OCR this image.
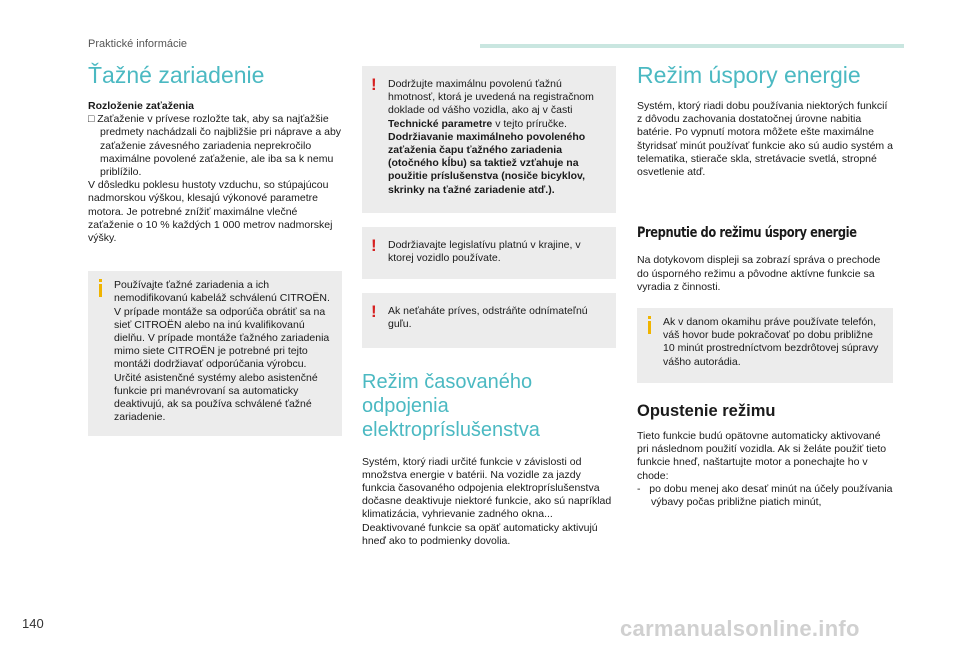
Praktické informácie
Ťažné zariadenie

Rozloženie zaťaženia

□ Zaťaženie v prívese rozložte tak, aby sa najťažšie predmety nachádzali čo najbližšie pri náprave a aby zaťaženie závesného zariadenia neprekročilo maximálne povolené zaťaženie, ale iba sa k nemu priblížilo.

V dôsledku poklesu hustoty vzduchu, so stúpajúcou nadmorskou výškou, klesajú výkonové parametre motora. Je potrebné znížiť maximálne vlečné zaťaženie o 10 % každých 1 000 metrov nadmorskej výšky.

Používajte ťažné zariadenia a ich nemodifikovanú kabeláž schválenú CITROËN. V prípade montáže sa odporúča obrátiť sa na sieť CITROËN alebo na inú kvalifikovanú dielňu. V prípade montáže ťažného zariadenia mimo siete CITROËN je potrebné pri tejto montáži dodržiavať odporúčania výrobcu. Určité asistenčné systémy alebo asistenčné funkcie pri manévrovaní sa automaticky deaktivujú, ak sa používa schválené ťažné zariadenie.

! Dodržujte maximálnu povolenú ťažnú hmotnosť, ktorá je uvedená na registračnom doklade od vášho vozidla, ako aj v časti Technické parametre v tejto príručke.

Dodržiavanie maximálneho povoleného zaťaženia čapu ťažného zariadenia (otočného kĺbu) sa taktiež vzťahuje na použitie príslušenstva (nosiče bicyklov, skrinky na ťažné zariadenie atď.).

! Dodržiavajte legislatívu platnú v krajine, v ktorej vozidlo používate.

! Ak neťaháte príves, odstráňte odnímateľnú guľu.

Režim časovaného odpojenia elektropríslušenstva

Systém, ktorý riadi určité funkcie v závislosti od množstva energie v batérii. Na vozidle za jazdy funkcia časovaného odpojenia elektropríslušenstva dočasne deaktivuje niektoré funkcie, ako sú napríklad klimatizácia, vyhrievanie zadného okna... Deaktivované funkcie sa opäť automaticky aktivujú hneď ako to podmienky dovolia.

Režim úspory energie

Systém, ktorý riadi dobu používania niektorých funkcií z dôvodu zachovania dostatočnej úrovne nabitia batérie. Po vypnutí motora môžete ešte maximálne štyridsať minút používať funkcie ako sú audio systém a telematika, stierače skla, stretávacie svetlá, stropné osvetlenie atď.

Prepnutie do režimu úspory energie

Na dotykovom displeji sa zobrazí správa o prechode do úsporného režimu a pôvodne aktívne funkcie sa vyradia z činnosti.

Ak v danom okamihu práve používate telefón, váš hovor bude pokračovať po dobu približne 10 minút prostredníctvom bezdrôtovej súpravy vášho autorádia.

Opustenie režimu

Tieto funkcie budú opätovne automaticky aktivované pri následnom použití vozidla. Ak si želáte použiť tieto funkcie hneď, naštartujte motor a ponechajte ho v chode:

-   po dobu menej ako desať minút na účely používania výbavy počas približne piatich minút,

140	carmanualsonline.info
